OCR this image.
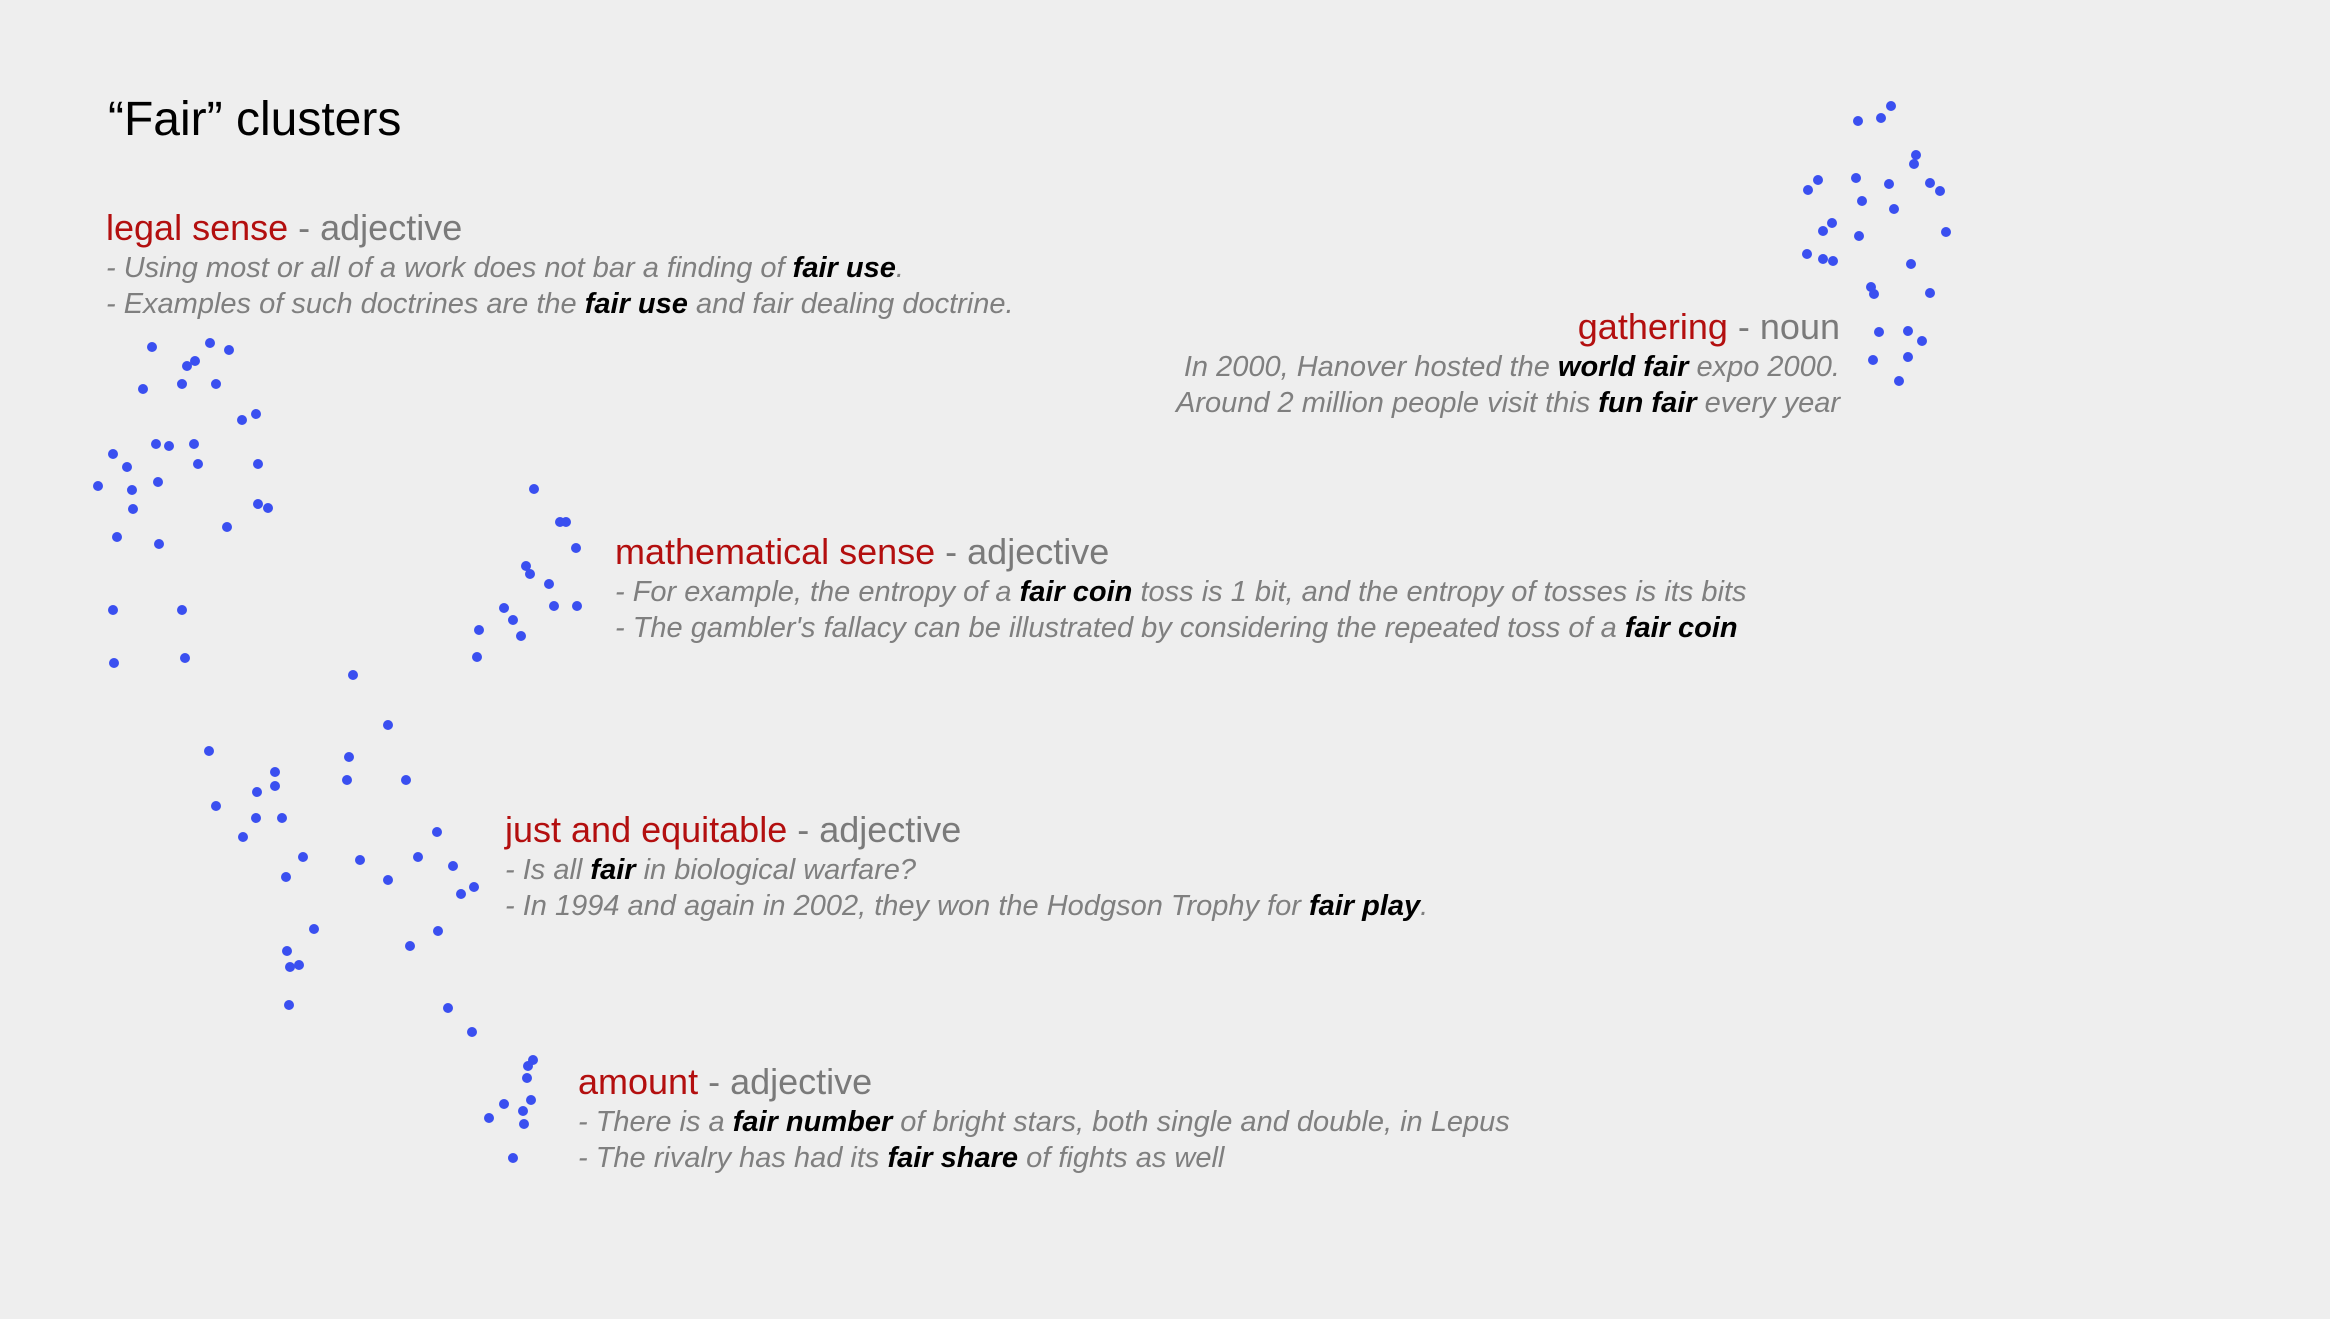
“Fair” clusters
legal sense - adjective
- Using most or all of a work does not bar a finding of fair use.
- Examples of such doctrines are the fair use and fair dealing doctrine.
gathering - noun
In 2000, Hanover hosted the world fair expo 2000.
Around 2 million people visit this fun fair every year
mathematical sense - adjective
- For example, the entropy of a fair coin toss is 1 bit, and the entropy of tosses is its bits
- The gambler's fallacy can be illustrated by considering the repeated toss of a fair coin
just and equitable - adjective
- Is all fair in biological warfare?
- In 1994 and again in 2002, they won the Hodgson Trophy for fair play.
amount - adjective
- There is a fair number of bright stars, both single and double, in Lepus
- The rivalry has had its fair share of fights as well
